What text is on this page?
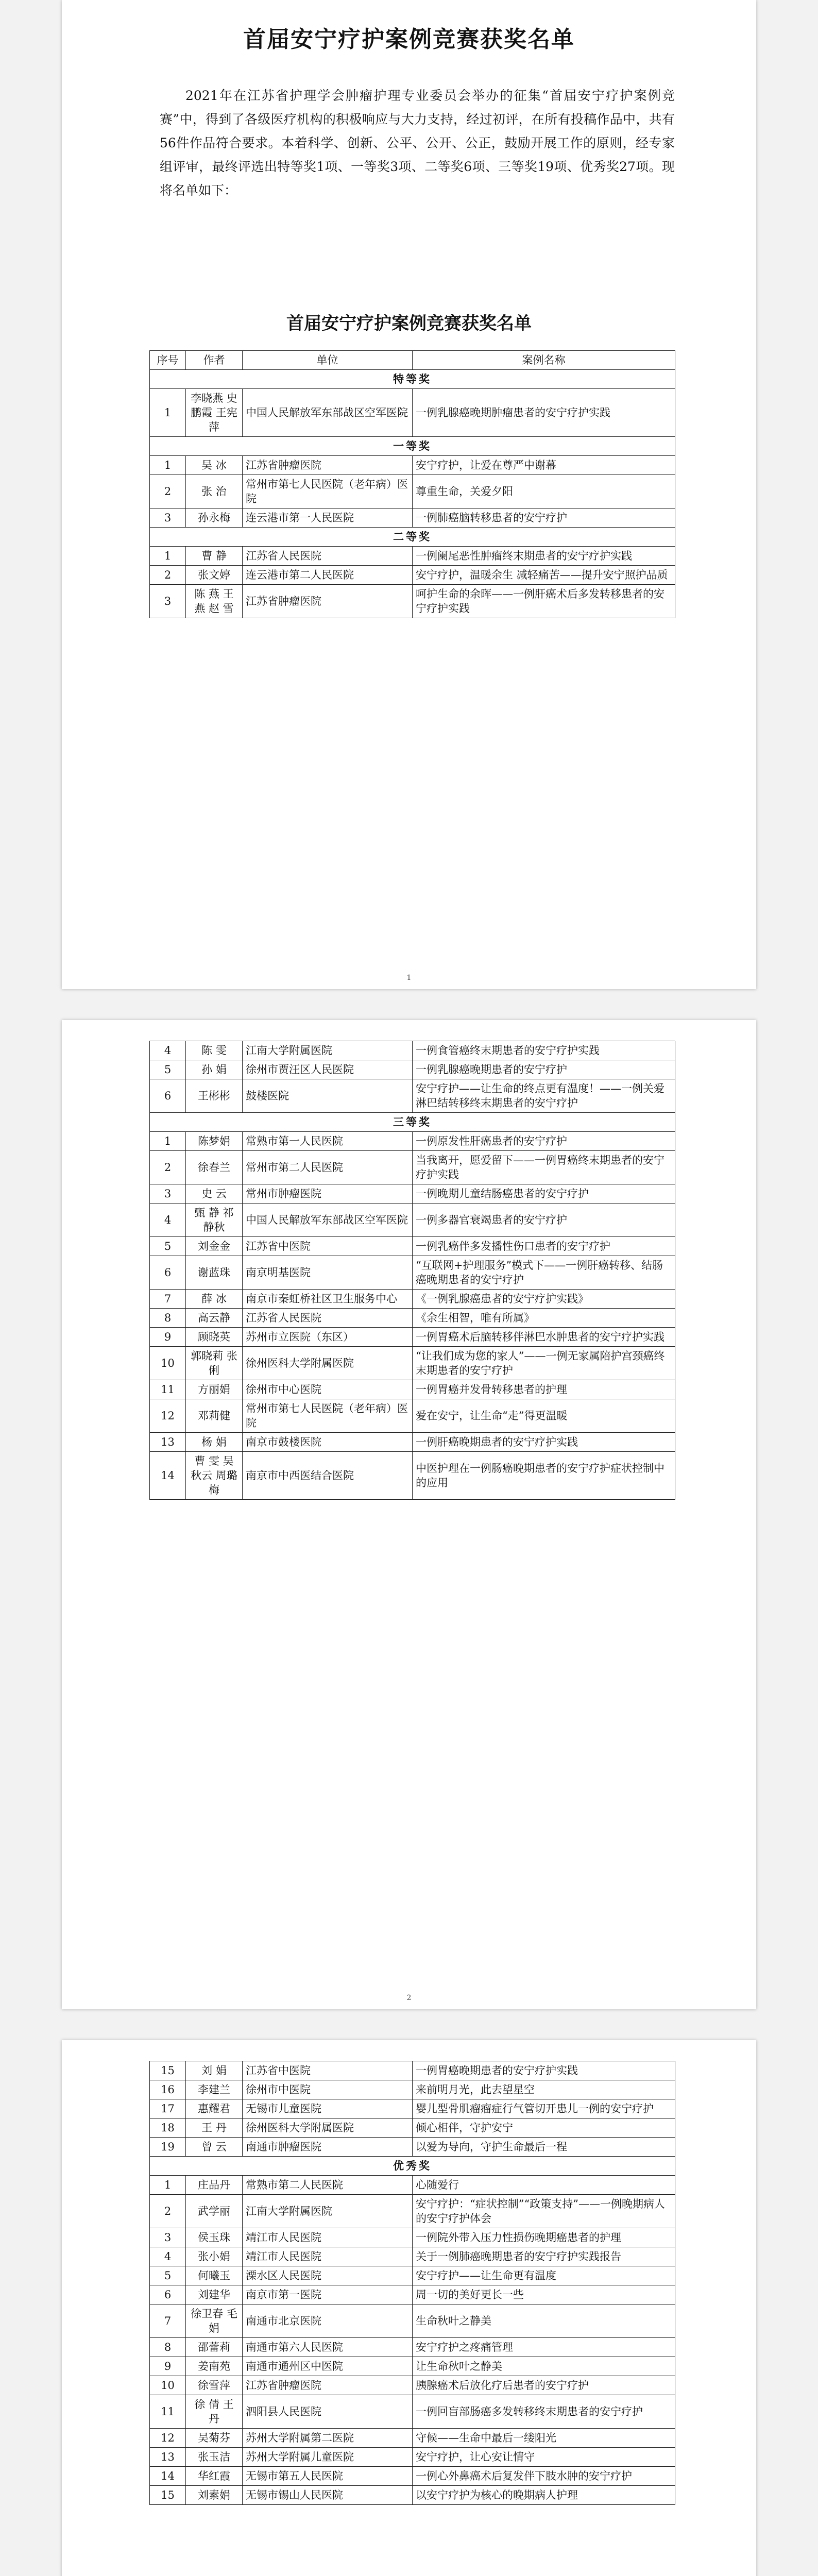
首届安宁疗护案例竞赛获奖名单

2021年在江苏省护理学会肿瘤护理专业委员会举办的征集“首届安宁疗护案例竞赛”中，得到了各级医疗机构的积极响应与大力支持，经过初评，在所有投稿作品中，共有56件作品符合要求。本着科学、创新、公平、公开、公正，鼓励开展工作的原则，经专家组评审，最终评选出特等奖1项、一等奖3项、二等奖6项、三等奖19项、优秀奖27项。现将名单如下：

首届安宁疗护案例竞赛获奖名单
序号	作者	单位	案例名称
特等奖			
1	李晓燕 史鹏霞 王宪萍	中国人民解放军东部战区空军医院	一例乳腺癌晚期肿瘤患者的安宁疗护实践
一等奖			
1	吴 冰	江苏省肿瘤医院	安宁疗护，让爱在尊严中谢幕
2	张 治	常州市第七人民医院（老年病）医院	尊重生命，关爱夕阳
3	孙永梅	连云港市第一人民医院	一例肺癌脑转移患者的安宁疗护
二等奖			
1	曹 静	江苏省人民医院	一例阑尾恶性肿瘤终末期患者的安宁疗护实践
2	张文婷	连云港市第二人民医院	安宁疗护，温暖余生 减轻痛苦——提升安宁照护品质
3	陈 燕 王 燕 赵 雪	江苏省肿瘤医院	呵护生命的余晖——一例肝癌术后多发转移患者的安宁疗护实践
1
4	陈 雯	江南大学附属医院	一例食管癌终末期患者的安宁疗护实践
5	孙 娟	徐州市贾汪区人民医院	一例乳腺癌晚期患者的安宁疗护
6	王彬彬	鼓楼医院	安宁疗护——让生命的终点更有温度！——一例关爱淋巴结转移终末期患者的安宁疗护
三等奖			
1	陈梦娟	常熟市第一人民医院	一例原发性肝癌患者的安宁疗护
2	徐春兰	常州市第二人民医院	当我离开，愿爱留下——一例胃癌终末期患者的安宁疗护实践
3	史 云	常州市肿瘤医院	一例晚期儿童结肠癌患者的安宁疗护
4	甄 静 祁静秋	中国人民解放军东部战区空军医院	一例多器官衰竭患者的安宁疗护
5	刘金金	江苏省中医院	一例乳癌伴多发播性伤口患者的安宁疗护
6	谢蓝珠	南京明基医院	“互联网+护理服务”模式下——一例肝癌转移、结肠癌晚期患者的安宁疗护
7	薛 冰	南京市秦虹桥社区卫生服务中心	《一例乳腺癌患者的安宁疗护实践》
8	高云静	江苏省人民医院	《余生相智，唯有所属》
9	顾晓英	苏州市立医院（东区）	一例胃癌术后脑转移伴淋巴水肿患者的安宁疗护实践
10	郭晓莉 张 俐	徐州医科大学附属医院	“让我们成为您的家人”——一例无家属陪护宫颈癌终末期患者的安宁疗护
11	方丽娟	徐州市中心医院	一例胃癌并发骨转移患者的护理
12	邓莉健	常州市第七人民医院（老年病）医院	爱在安宁，让生命“走”得更温暖
13	杨 娟	南京市鼓楼医院	一例肝癌晚期患者的安宁疗护实践
14	曹 雯 吴秋云 周璐梅	南京市中西医结合医院	中医护理在一例肠癌晚期患者的安宁疗护症状控制中的应用
2
15	刘 娟	江苏省中医院	一例胃癌晚期患者的安宁疗护实践
16	李建兰	徐州市中医院	来前明月光，此去望星空
17	惠耀君	无锡市儿童医院	婴儿型骨肌瘤瘤症行气管切开患儿一例的安宁疗护
18	王 丹	徐州医科大学附属医院	倾心相伴，守护安宁
19	曾 云	南通市肿瘤医院	以爱为导向，守护生命最后一程
优秀奖			
1	庄品丹	常熟市第二人民医院	心随爱行
2	武学丽	江南大学附属医院	安宁疗护：“症状控制”“政策支持”——一例晚期病人的安宁疗护体会
3	侯玉珠	靖江市人民医院	一例院外带入压力性损伤晚期癌患者的护理
4	张小娟	靖江市人民医院	关于一例肺癌晚期患者的安宁疗护实践报告
5	何曦玉	溧水区人民医院	安宁疗护——让生命更有温度
6	刘建华	南京市第一医院	周一切的美好更长一些
7	徐卫春 毛 娟	南通市北京医院	生命秋叶之静美
8	邵蕾莉	南通市第六人民医院	安宁疗护之疼痛管理
9	姜南苑	南通市通州区中医院	让生命秋叶之静美
10	徐雪萍	江苏省肿瘤医院	胰腺癌术后放化疗后患者的安宁疗护
11	徐 倩 王 丹	泗阳县人民医院	一例回盲部肠癌多发转移终末期患者的安宁疗护
12	吴菊芬	苏州大学附属第二医院	守候——生命中最后一缕阳光
13	张玉洁	苏州大学附属儿童医院	安宁疗护，让心安让情守
14	华红霞	无锡市第五人民医院	一例心外鼻癌术后复发伴下肢水肿的安宁疗护
15	刘素娟	无锡市锡山人民医院	以安宁疗护为核心的晚期病人护理
